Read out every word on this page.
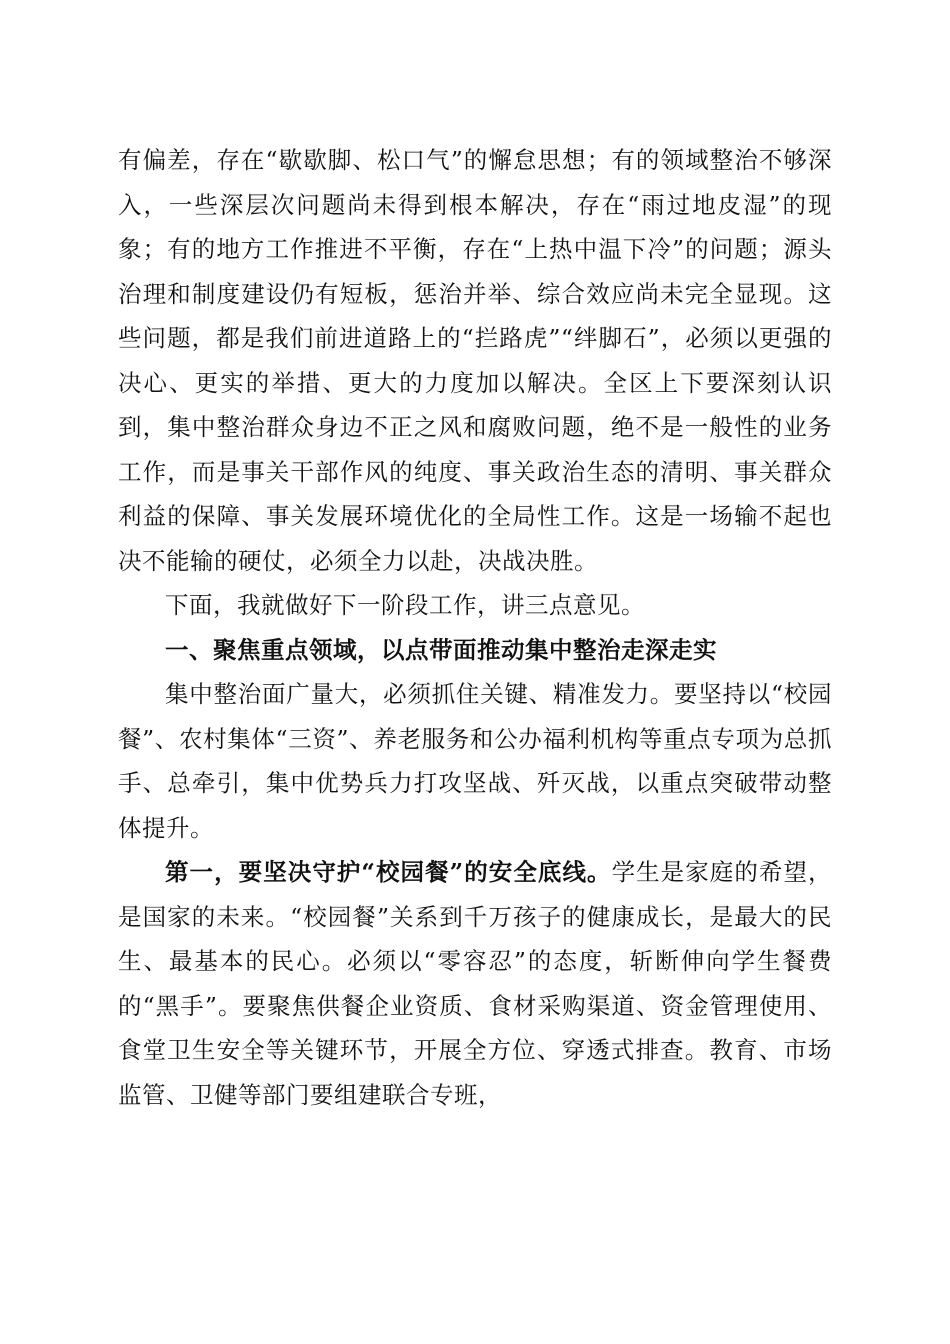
有偏差，存在“歇歇脚、松口气”的懈怠思想；有的领域整治不够深入，一些深层次问题尚未得到根本解决，存在“雨过地皮湿”的现象；有的地方工作推进不平衡，存在“上热中温下冷”的问题；源头治理和制度建设仍有短板，惩治并举、综合效应尚未完全显现。这些问题，都是我们前进道路上的“拦路虎”“绊脚石”，必须以更强的决心、更实的举措、更大的力度加以解决。全区上下要深刻认识到，集中整治群众身边不正之风和腐败问题，绝不是一般性的业务工作，而是事关干部作风的纯度、事关政治生态的清明、事关群众利益的保障、事关发展环境优化的全局性工作。这是一场输不起也决不能输的硬仗，必须全力以赴，决战决胜。

下面，我就做好下一阶段工作，讲三点意见。

一、聚焦重点领域，以点带面推动集中整治走深走实

集中整治面广量大，必须抓住关键、精准发力。要坚持以“校园餐”、农村集体“三资”、养老服务和公办福利机构等重点专项为总抓手、总牵引，集中优势兵力打攻坚战、歼灭战，以重点突破带动整体提升。

第一，要坚决守护“校园餐”的安全底线。学生是家庭的希望，是国家的未来。“校园餐”关系到千万孩子的健康成长，是最大的民生、最基本的民心。必须以“零容忍”的态度，斩断伸向学生餐费的“黑手”。要聚焦供餐企业资质、食材采购渠道、资金管理使用、食堂卫生安全等关键环节，开展全方位、穿透式排查。教育、市场监管、卫健等部门要组建联合专班，
